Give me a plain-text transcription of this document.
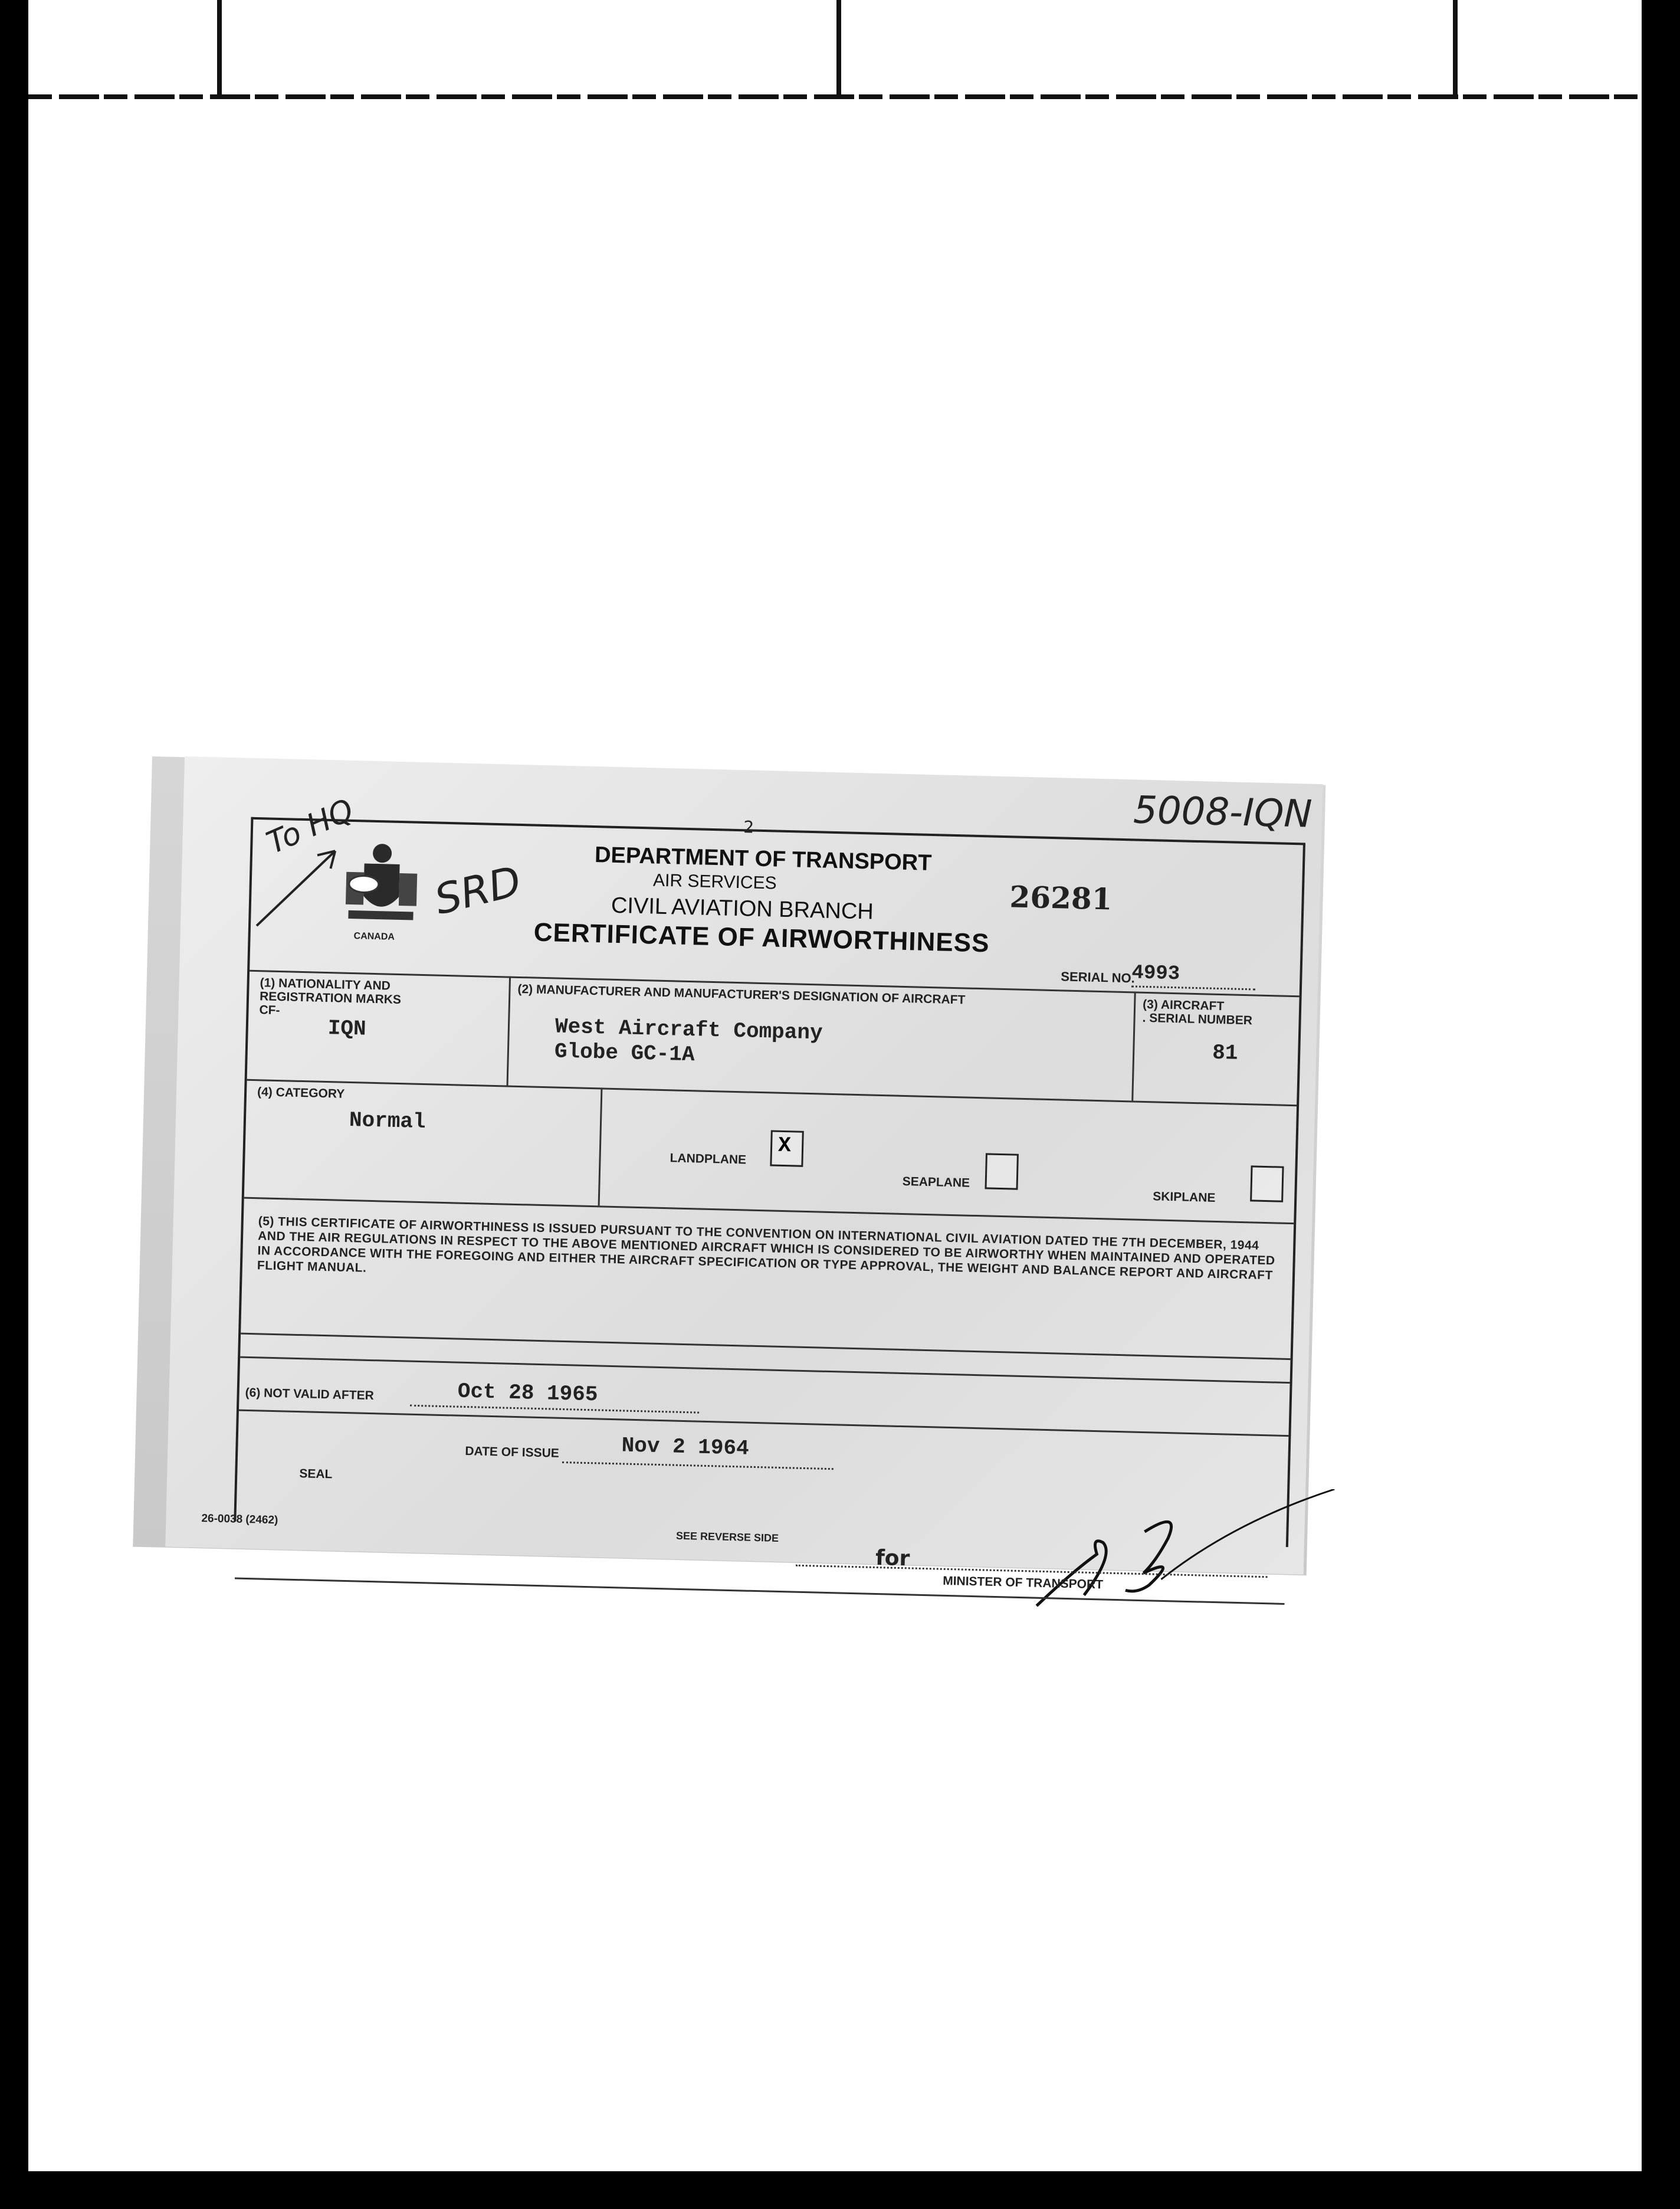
2	5008-IQN
CANADA
To HQ
SRD	DEPARTMENT OF TRANSPORT
AIR SERVICES
CIVIL AVIATION BRANCH
CERTIFICATE OF AIRWORTHINESS
26281
SERIAL NO.
4993
(1) NATIONALITY AND
REGISTRATION MARKS
CF-
IQN
(2) MANUFACTURER AND MANUFACTURER'S DESIGNATION OF AIRCRAFT
West Aircraft Company
Globe GC-1A
(3) AIRCRAFT
. SERIAL NUMBER
81
(4) CATEGORY
Normal
LANDPLANE
X
SEAPLANE
SKIPLANE
(5) THIS CERTIFICATE OF AIRWORTHINESS IS ISSUED PURSUANT TO THE CONVENTION ON INTERNATIONAL CIVIL AVIATION DATED THE 7TH DECEMBER, 1944 AND THE AIR REGULATIONS IN RESPECT TO THE ABOVE MENTIONED AIRCRAFT WHICH IS CONSIDERED TO BE AIRWORTHY WHEN MAINTAINED AND OPERATED IN ACCORDANCE WITH THE FOREGOING AND EITHER THE AIRCRAFT SPECIFICATION OR TYPE APPROVAL, THE WEIGHT AND BALANCE REPORT AND AIRCRAFT FLIGHT MANUAL.
(6) NOT VALID AFTER	Oct 28 1965
DATE OF ISSUE	Nov 2 1964
SEAL
for
MINISTER OF TRANSPORT
26-0038 (2462)
SEE REVERSE SIDE
